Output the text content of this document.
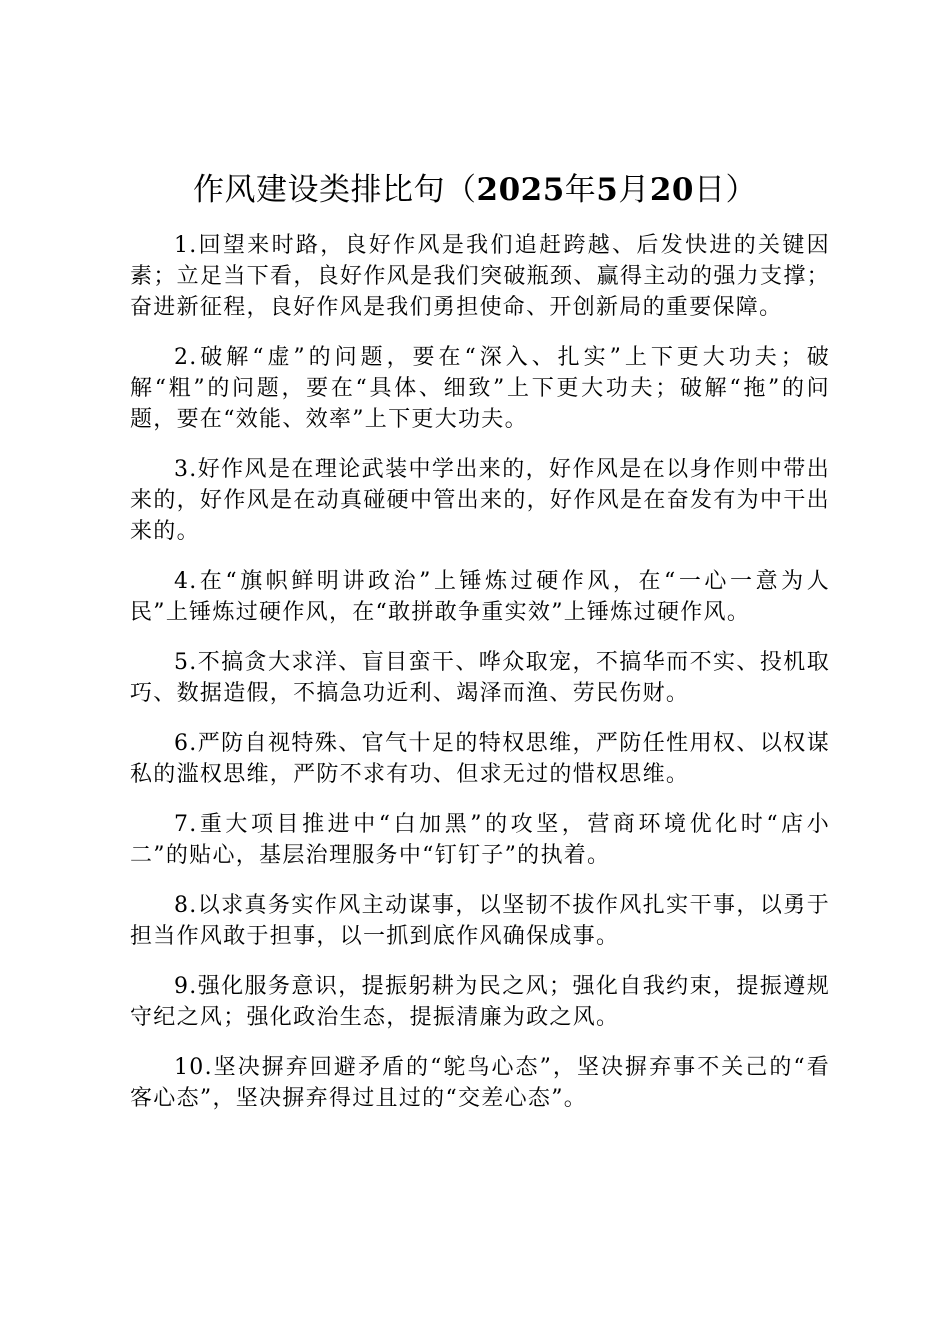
作风建设类排比句（2025年5月20日）

1.回望来时路，良好作风是我们追赶跨越、后发快进的关键因素；立足当下看，良好作风是我们突破瓶颈、赢得主动的强力支撑；奋进新征程，良好作风是我们勇担使命、开创新局的重要保障。

2.破解“虚”的问题，要在“深入、扎实”上下更大功夫；破解“粗”的问题，要在“具体、细致”上下更大功夫；破解“拖”的问题，要在“效能、效率”上下更大功夫。

3.好作风是在理论武装中学出来的，好作风是在以身作则中带出来的，好作风是在动真碰硬中管出来的，好作风是在奋发有为中干出来的。

4.在“旗帜鲜明讲政治”上锤炼过硬作风，在“一心一意为人民”上锤炼过硬作风，在“敢拼敢争重实效”上锤炼过硬作风。

5.不搞贪大求洋、盲目蛮干、哗众取宠，不搞华而不实、投机取巧、数据造假，不搞急功近利、竭泽而渔、劳民伤财。

6.严防自视特殊、官气十足的特权思维，严防任性用权、以权谋私的滥权思维，严防不求有功、但求无过的惜权思维。

7.重大项目推进中“白加黑”的攻坚，营商环境优化时“店小二”的贴心，基层治理服务中“钉钉子”的执着。

8.以求真务实作风主动谋事，以坚韧不拔作风扎实干事，以勇于担当作风敢于担事，以一抓到底作风确保成事。

9.强化服务意识，提振躬耕为民之风；强化自我约束，提振遵规守纪之风；强化政治生态，提振清廉为政之风。

10.坚决摒弃回避矛盾的“鸵鸟心态”，坚决摒弃事不关己的“看客心态”，坚决摒弃得过且过的“交差心态”。
